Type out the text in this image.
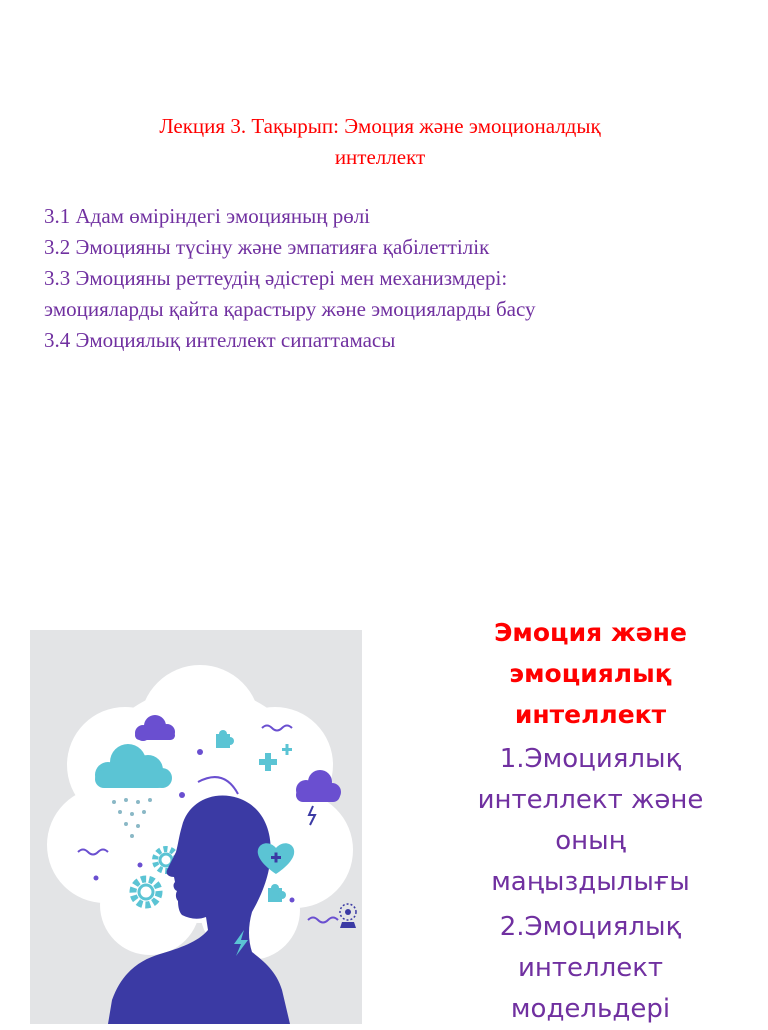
Лекция 3. Тақырып: Эмоция және эмоционалдық
интеллект
3.1 Адам өміріндегі эмоцияның рөлі
3.2 Эмоцияны түсіну және эмпатияға қабілеттілік
3.3 Эмоцияны реттеудің әдістері мен механизмдері:
эмоцияларды қайта қарастыру және эмоцияларды басу
3.4 Эмоциялық интеллект сипаттамасы
Эмоция және
эмоциялық
интеллект
1.Эмоциялық
интеллект және
оның
маңыздылығы
2.Эмоциялық
интеллект
модельдері
